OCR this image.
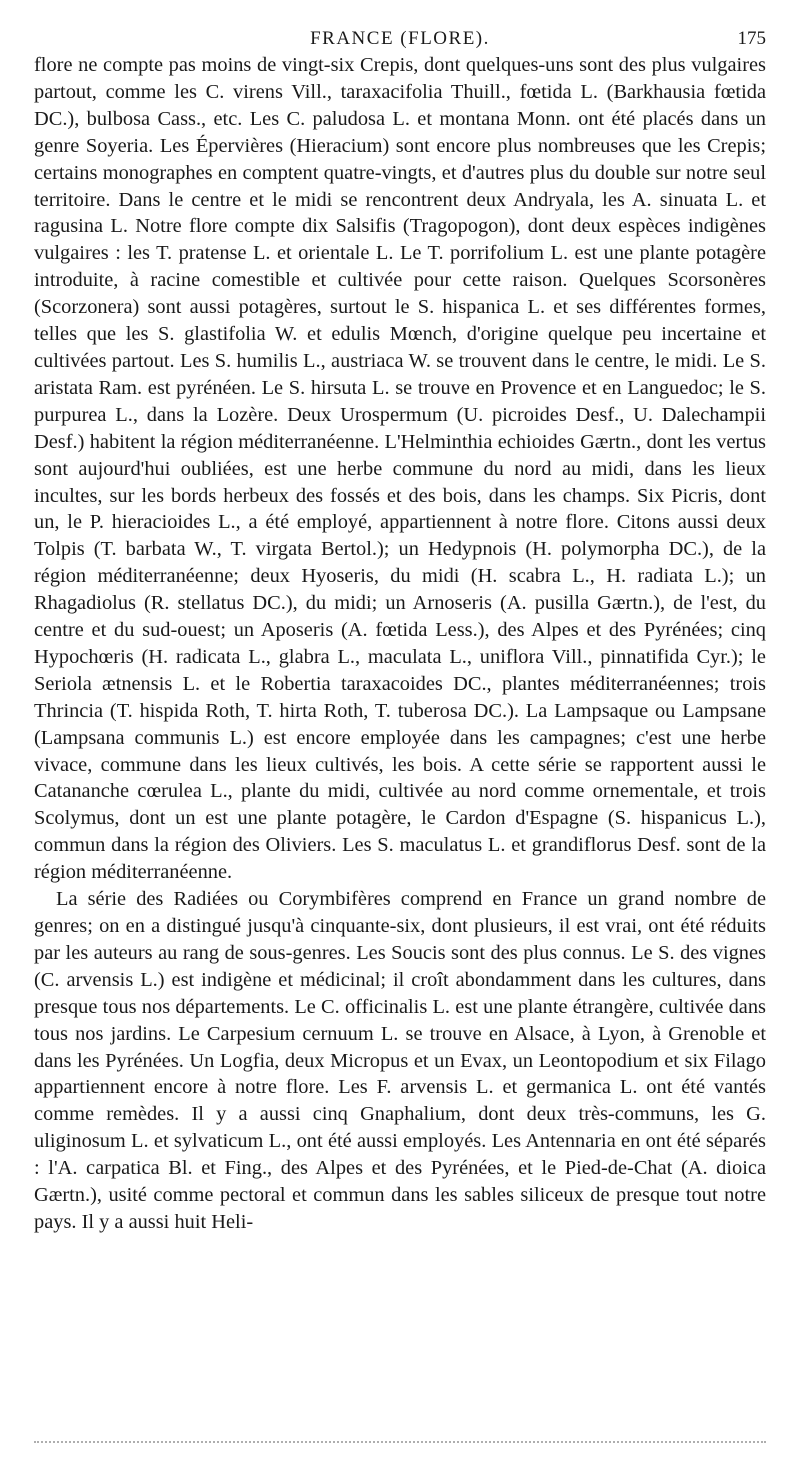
FRANCE (FLORE).	175

flore ne compte pas moins de vingt-six Crepis, dont quelques-uns sont des plus vulgaires partout, comme les C. virens Vill., taraxacifolia Thuill., fœtida L. (Barkhausia fœtida DC.), bulbosa Cass., etc. Les C. paludosa L. et montana Monn. ont été placés dans un genre Soyeria. Les Épervières (Hieracium) sont encore plus nombreuses que les Crepis; certains monographes en comptent quatre-vingts, et d'autres plus du double sur notre seul territoire. Dans le centre et le midi se rencontrent deux Andryala, les A. sinuata L. et ragusina L. Notre flore compte dix Salsifis (Tragopogon), dont deux espèces indigènes vulgaires : les T. pratense L. et orientale L. Le T. porrifolium L. est une plante potagère introduite, à racine comestible et cultivée pour cette raison. Quelques Scorsonères (Scorzonera) sont aussi potagères, surtout le S. hispanica L. et ses différentes formes, telles que les S. glastifolia W. et edulis Mœnch, d'origine quelque peu incertaine et cultivées partout. Les S. humilis L., austriaca W. se trouvent dans le centre, le midi. Le S. aristata Ram. est pyrénéen. Le S. hirsuta L. se trouve en Provence et en Languedoc; le S. purpurea L., dans la Lozère. Deux Urospermum (U. picroides Desf., U. Dalechampii Desf.) habitent la région méditerranéenne. L'Helminthia echioides Gærtn., dont les vertus sont aujourd'hui oubliées, est une herbe commune du nord au midi, dans les lieux incultes, sur les bords herbeux des fossés et des bois, dans les champs. Six Picris, dont un, le P. hieracioides L., a été employé, appartiennent à notre flore. Citons aussi deux Tolpis (T. barbata W., T. virgata Bertol.); un Hedypnois (H. polymorpha DC.), de la région méditerranéenne; deux Hyoseris, du midi (H. scabra L., H. radiata L.); un Rhagadiolus (R. stellatus DC.), du midi; un Arnoseris (A. pusilla Gærtn.), de l'est, du centre et du sud-ouest; un Aposeris (A. fœtida Less.), des Alpes et des Pyrénées; cinq Hypochœris (H. radicata L., glabra L., maculata L., uniflora Vill., pinnatifida Cyr.); le Seriola ætnensis L. et le Robertia taraxacoides DC., plantes méditerranéennes; trois Thrincia (T. hispida Roth, T. hirta Roth, T. tuberosa DC.). La Lampsaque ou Lampsane (Lampsana communis L.) est encore employée dans les campagnes; c'est une herbe vivace, commune dans les lieux cultivés, les bois. A cette série se rapportent aussi le Catananche cœrulea L., plante du midi, cultivée au nord comme ornementale, et trois Scolymus, dont un est une plante potagère, le Cardon d'Espagne (S. hispanicus L.), commun dans la région des Oliviers. Les S. maculatus L. et grandiflorus Desf. sont de la région méditerranéenne.

La série des Radiées ou Corymbifères comprend en France un grand nombre de genres; on en a distingué jusqu'à cinquante-six, dont plusieurs, il est vrai, ont été réduits par les auteurs au rang de sous-genres. Les Soucis sont des plus connus. Le S. des vignes (C. arvensis L.) est indigène et médicinal; il croît abondamment dans les cultures, dans presque tous nos départements. Le C. officinalis L. est une plante étrangère, cultivée dans tous nos jardins. Le Carpesium cernuum L. se trouve en Alsace, à Lyon, à Grenoble et dans les Pyrénées. Un Logfia, deux Micropus et un Evax, un Leontopodium et six Filago appartiennent encore à notre flore. Les F. arvensis L. et germanica L. ont été vantés comme remèdes. Il y a aussi cinq Gnaphalium, dont deux très-communs, les G. uliginosum L. et sylvaticum L., ont été aussi employés. Les Antennaria en ont été séparés : l'A. carpatica Bl. et Fing., des Alpes et des Pyrénées, et le Pied-de-Chat (A. dioica Gærtn.), usité comme pectoral et commun dans les sables siliceux de presque tout notre pays. Il y a aussi huit Heli-
